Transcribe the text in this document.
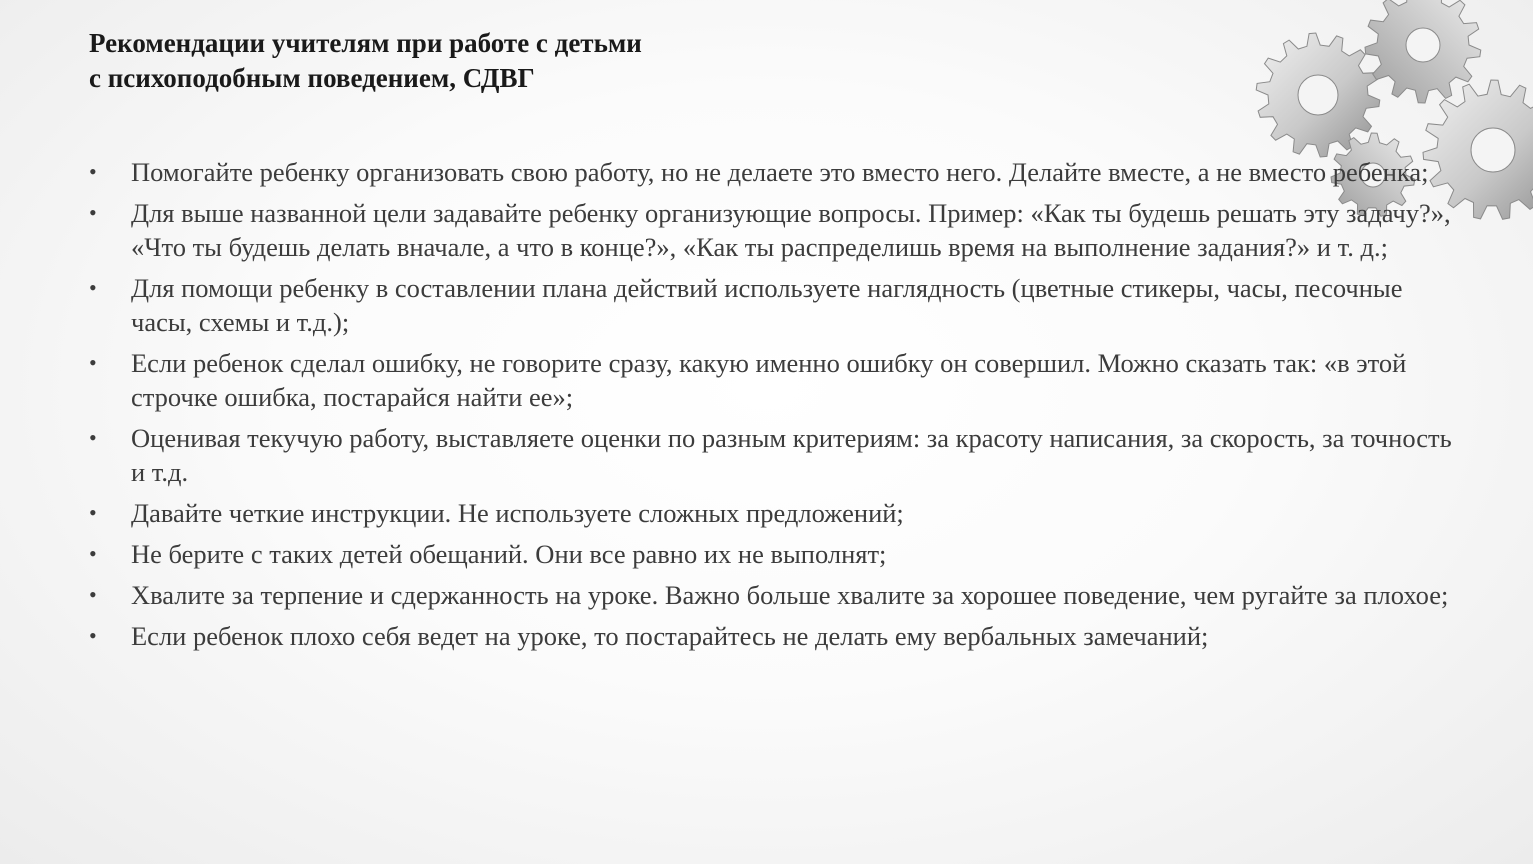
Рекомендации учителям при работе с детьми
с психоподобным поведением, СДВГ
•	Помогайте ребенку организовать свою работу, но не делаете это вместо него. Делайте вместе, а не вместо ребенка;
•	Для выше названной цели задавайте ребенку организующие вопросы. Пример: «Как ты будешь решать эту задачу?», «Что ты будешь делать вначале, а что в конце?», «Как ты распределишь время на выполнение задания?» и т. д.;
•	Для помощи ребенку в составлении плана действий используете наглядность (цветные стикеры, часы, песочные часы, схемы и т.д.);
•	Если ребенок сделал ошибку, не говорите сразу, какую именно ошибку он совершил. Можно сказать так: «в этой строчке ошибка, постарайся найти ее»;
•	Оценивая текучую работу, выставляете оценки по разным критериям: за красоту написания, за скорость, за точность и т.д.
•	Давайте четкие инструкции. Не используете сложных предложений;
•	Не берите с таких детей обещаний. Они все равно их не выполнят;
•	Хвалите за терпение и сдержанность на уроке. Важно больше хвалите за хорошее поведение, чем ругайте за плохое;
•	Если ребенок плохо себя ведет на уроке, то постарайтесь не делать ему вербальных замечаний;
